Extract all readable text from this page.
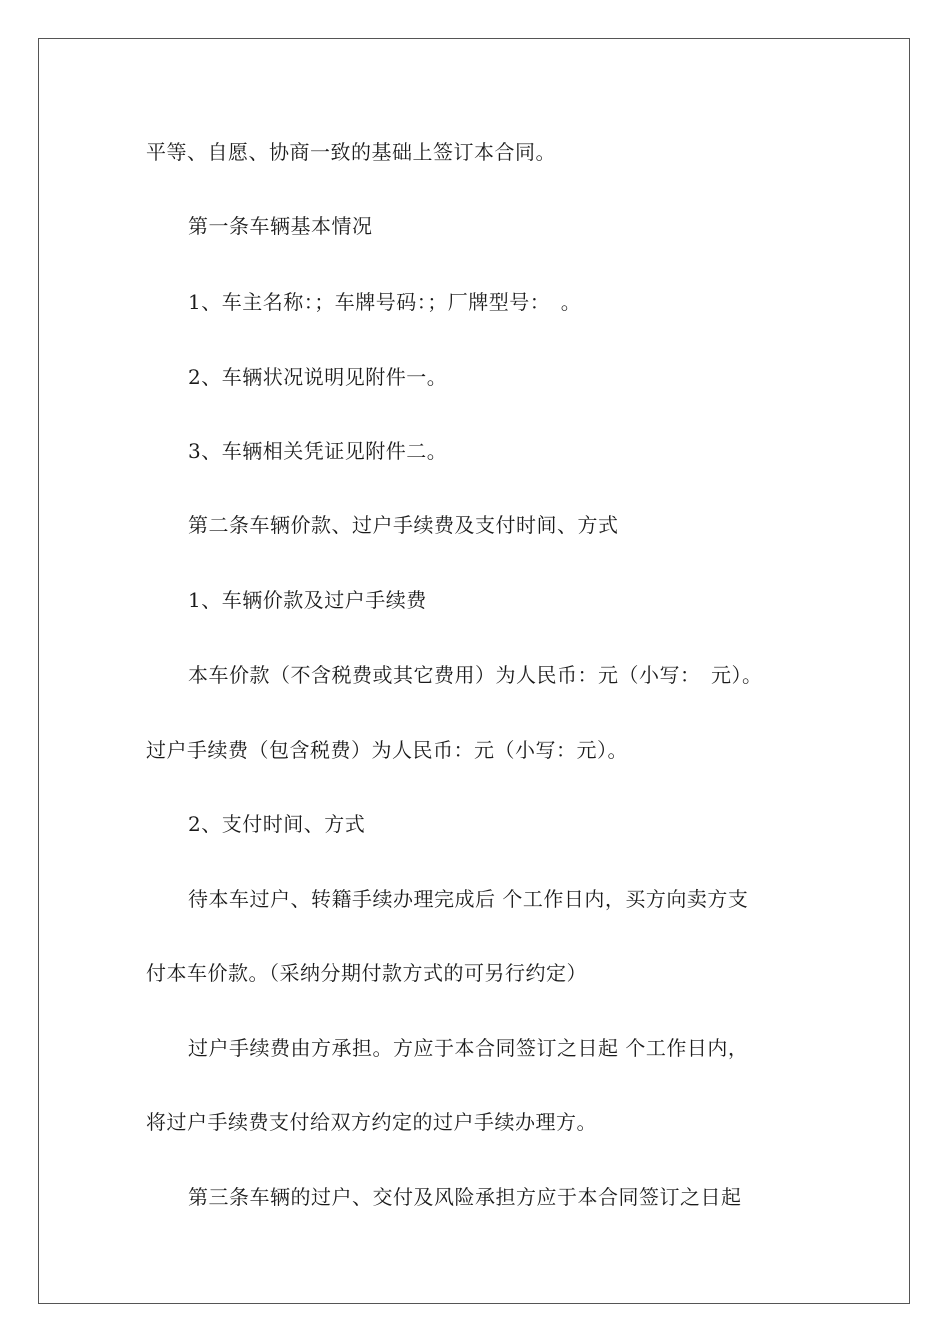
平等、自愿、协商一致的基础上签订本合同。
第一条车辆基本情况
1、车主名称：；车牌号码：；厂牌型号：　。
2、车辆状况说明见附件一。
3、车辆相关凭证见附件二。
第二条车辆价款、过户手续费及支付时间、方式
1、车辆价款及过户手续费
本车价款（不含税费或其它费用）为人民币：元（小写：　元）。
过户手续费（包含税费）为人民币：元（小写：元）。
2、支付时间、方式
待本车过户、转籍手续办理完成后 个工作日内，买方向卖方支
付本车价款。（采纳分期付款方式的可另行约定）
过户手续费由方承担。方应于本合同签订之日起 个工作日内，
将过户手续费支付给双方约定的过户手续办理方。
第三条车辆的过户、交付及风险承担方应于本合同签订之日起
